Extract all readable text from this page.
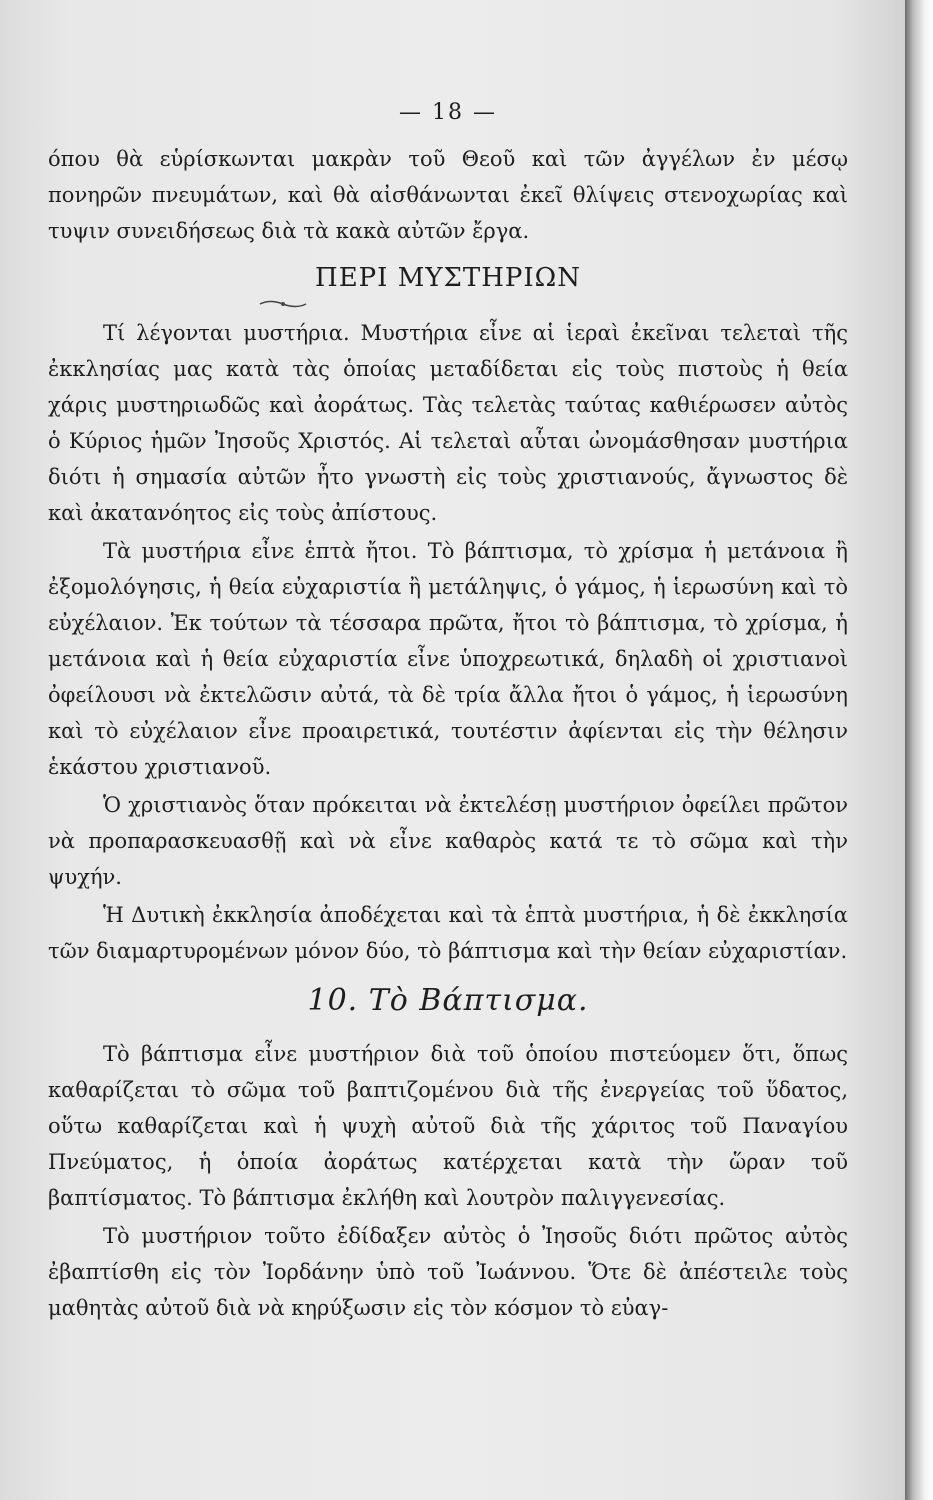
— 18 —

όπου θὰ εὑρίσκωνται μακρὰν τοῦ Θεοῦ καὶ τῶν ἀγγέλων ἐν μέσῳ πονηρῶν πνευμάτων, καὶ θὰ αἰσθάνωνται ἐκεῖ θλίψεις στενοχωρίας καὶ τυψιν συνειδήσεως διὰ τὰ κακὰ αὐτῶν ἔργα.

ΠΕΡΙ ΜΥΣΤΗΡΙΩΝ

Τί λέγονται μυστήρια. Μυστήρια εἶνε αἱ ἱεραὶ ἐκεῖναι τελεταὶ τῆς ἐκκλησίας μας κατὰ τὰς ὁποίας μεταδίδεται εἰς τοὺς πιστοὺς ἡ θεία χάρις μυστηριωδῶς καὶ ἀοράτως. Τὰς τελετὰς ταύτας καθιέρωσεν αὐτὸς ὁ Κύριος ἡμῶν Ἰησοῦς Χριστός. Αἱ τελεταὶ αὗται ὠνομάσθησαν μυστήρια διότι ἡ σημασία αὐτῶν ἦτο γνωστὴ εἰς τοὺς χριστιανούς, ἄγνωστος δὲ καὶ ἀκατανόητος εἰς τοὺς ἀπίστους.

Τὰ μυστήρια εἶνε ἑπτὰ ἤτοι. Τὸ βάπτισμα, τὸ χρίσμα ἡ μετάνοια ἢ ἐξομολόγησις, ἡ θεία εὐχαριστία ἢ μετάληψις, ὁ γάμος, ἡ ἱερωσύνη καὶ τὸ εὐχέλαιον. Ἐκ τούτων τὰ τέσσαρα πρῶτα, ἤτοι τὸ βάπτισμα, τὸ χρίσμα, ἡ μετάνοια καὶ ἡ θεία εὐχαριστία εἶνε ὑποχρεωτικά, δηλαδὴ οἱ χριστιανοὶ ὀφείλουσι νὰ ἐκτελῶσιν αὐτά, τὰ δὲ τρία ἄλλα ἤτοι ὁ γάμος, ἡ ἱερωσύνη καὶ τὸ εὐχέλαιον εἶνε προαιρετικά, τουτέστιν ἀφίενται εἰς τὴν θέλησιν ἑκάστου χριστιανοῦ.

Ὁ χριστιανὸς ὅταν πρόκειται νὰ ἐκτελέσῃ μυστήριον ὀφείλει πρῶτον νὰ προπαρασκευασθῇ καὶ νὰ εἶνε καθαρὸς κατά τε τὸ σῶμα καὶ τὴν ψυχήν.

Ἡ Δυτικὴ ἐκκλησία ἀποδέχεται καὶ τὰ ἑπτὰ μυστήρια, ἡ δὲ ἐκκλησία τῶν διαμαρτυρομένων μόνον δύο, τὸ βάπτισμα καὶ τὴν θείαν εὐχαριστίαν.

10. Τὸ Βάπτισμα.

Τὸ βάπτισμα εἶνε μυστήριον διὰ τοῦ ὁποίου πιστεύομεν ὅτι, ὅπως καθαρίζεται τὸ σῶμα τοῦ βαπτιζομένου διὰ τῆς ἐνεργείας τοῦ ὕδατος, οὕτω καθαρίζεται καὶ ἡ ψυχὴ αὐτοῦ διὰ τῆς χάριτος τοῦ Παναγίου Πνεύματος, ἡ ὁποία ἀοράτως κατέρχεται κατὰ τὴν ὥραν τοῦ βαπτίσματος. Τὸ βάπτισμα ἐκλήθη καὶ λουτρὸν παλιγγενεσίας.

Τὸ μυστήριον τοῦτο ἐδίδαξεν αὐτὸς ὁ Ἰησοῦς διότι πρῶτος αὐτὸς ἐβαπτίσθη εἰς τὸν Ἰορδάνην ὑπὸ τοῦ Ἰωάννου. Ὅτε δὲ ἀπέστειλε τοὺς μαθητὰς αὐτοῦ διὰ νὰ κηρύξωσιν εἰς τὸν κόσμον τὸ εὐαγ-
